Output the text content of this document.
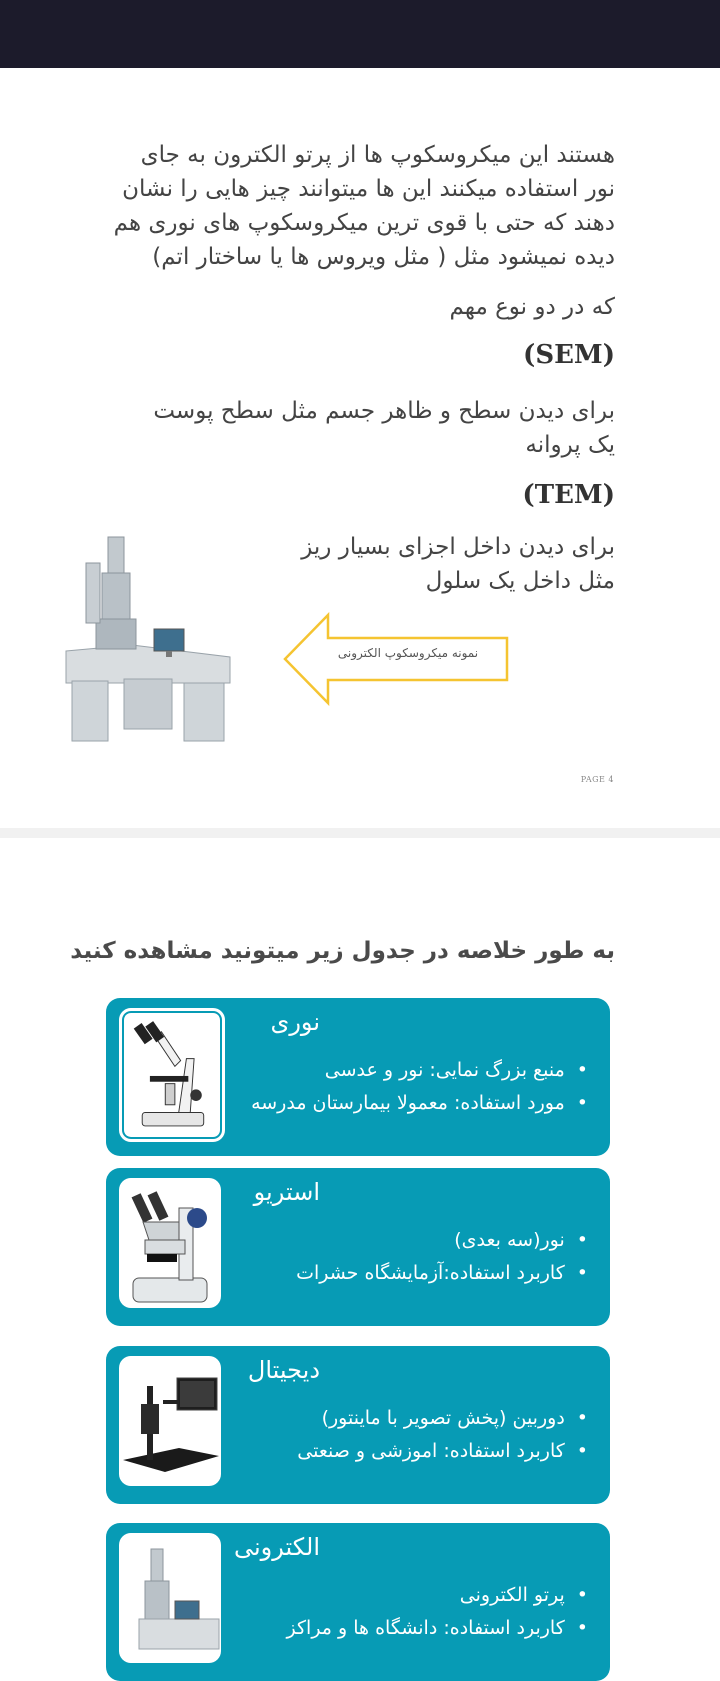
هستند این میکروسکوپ ها از پرتو الکترون به جای نور استفاده میکنند این ها میتوانند چیز هایی را نشان دهند که حتی با قوی ترین میکروسکوپ های نوری هم دیده نمیشود مثل ( مثل ویروس ها یا ساختار اتم)
که در دو نوع مهم
(SEM)
برای دیدن سطح و ظاهر جسم مثل سطح پوست یک پروانه
(TEM)
برای دیدن داخل اجزای بسیار ریز مثل داخل یک سلول
نمونه میکروسکوپ الکترونی
PAGE 4
به طور خلاصه در جدول زیر میتونید مشاهده کنید
نوری
• منبع بزرگ نمایی: نور و عدسی
• مورد استفاده: معمولا بیمارستان مدرسه
استریو
• نور(سه بعدی)
• کاربرد استفاده:آزمایشگاه حشرات
دیجیتال
• دوربین (پخش تصویر با ماینتور)
• کاربرد استفاده: اموزشی و صنعتی
الکترونی
• پرتو الکترونی
• کاربرد استفاده: دانشگاه ها و مراکز
